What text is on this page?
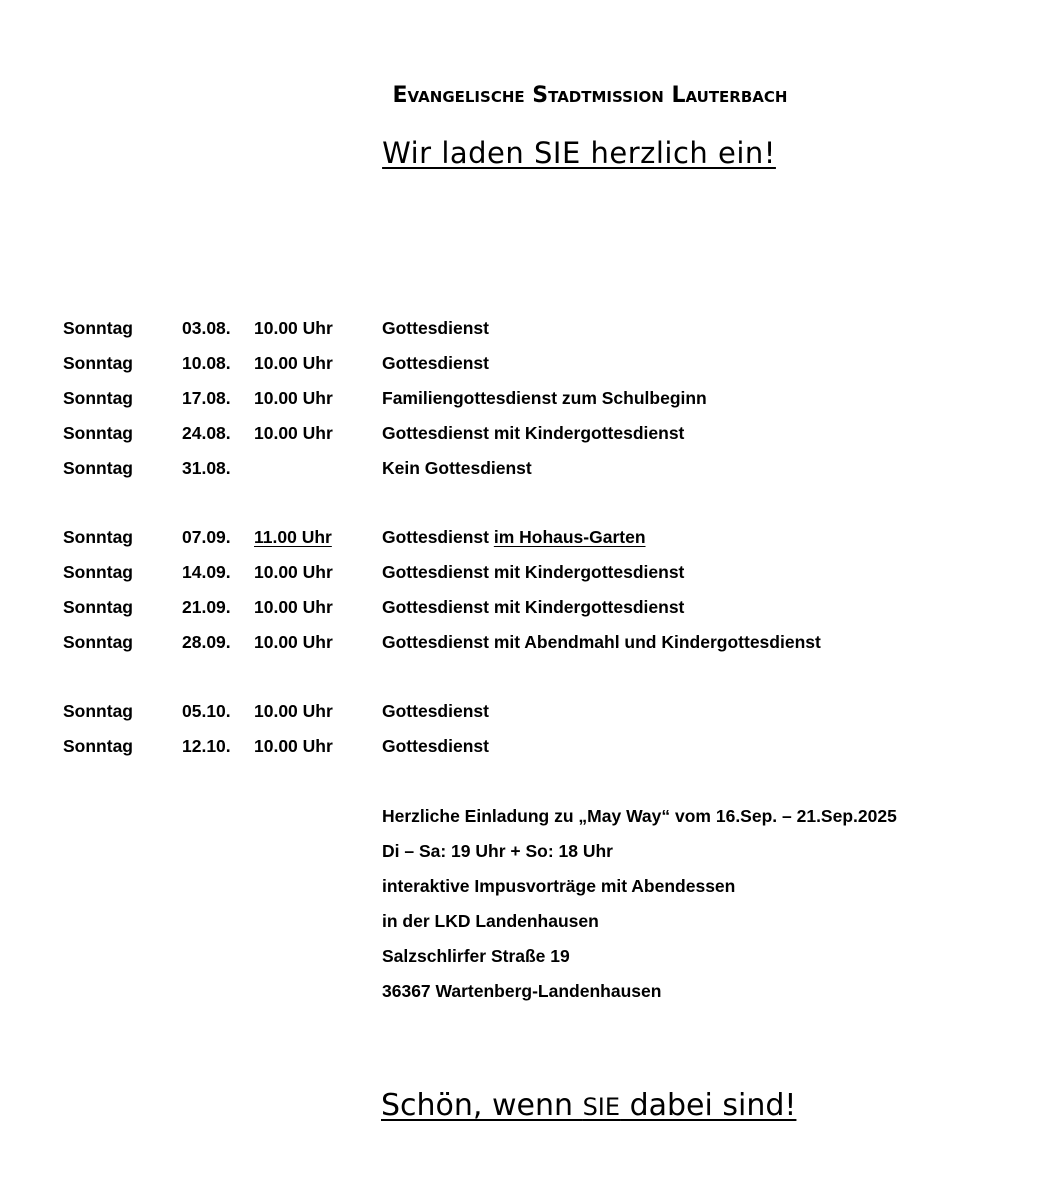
Evangelische Stadtmission Lauterbach
Wir laden SIE herzlich ein!
Sonntag	03.08. 10.00 Uhr	Gottesdienst
Sonntag	10.08. 10.00 Uhr	Gottesdienst
Sonntag	17.08. 10.00 Uhr	Familiengottesdienst zum Schulbeginn
Sonntag	24.08. 10.00 Uhr	Gottesdienst mit Kindergottesdienst
Sonntag	31.08.	Kein Gottesdienst
Sonntag	07.09. 11.00 Uhr	Gottesdienst im Hohaus-Garten
Sonntag	14.09. 10.00 Uhr	Gottesdienst mit Kindergottesdienst
Sonntag	21.09. 10.00 Uhr	Gottesdienst mit Kindergottesdienst
Sonntag	28.09. 10.00 Uhr	Gottesdienst mit Abendmahl und Kindergottesdienst
Sonntag	05.10. 10.00 Uhr	Gottesdienst
Sonntag	12.10. 10.00 Uhr	Gottesdienst
Herzliche Einladung zu „May Way“ vom 16.Sep. – 21.Sep.2025
Di – Sa: 19 Uhr + So: 18 Uhr
interaktive Impusvorträge mit Abendessen
in der LKD Landenhausen
Salzschlirfer Straße 19
36367 Wartenberg-Landenhausen
Schön, wenn SIE dabei sind!
